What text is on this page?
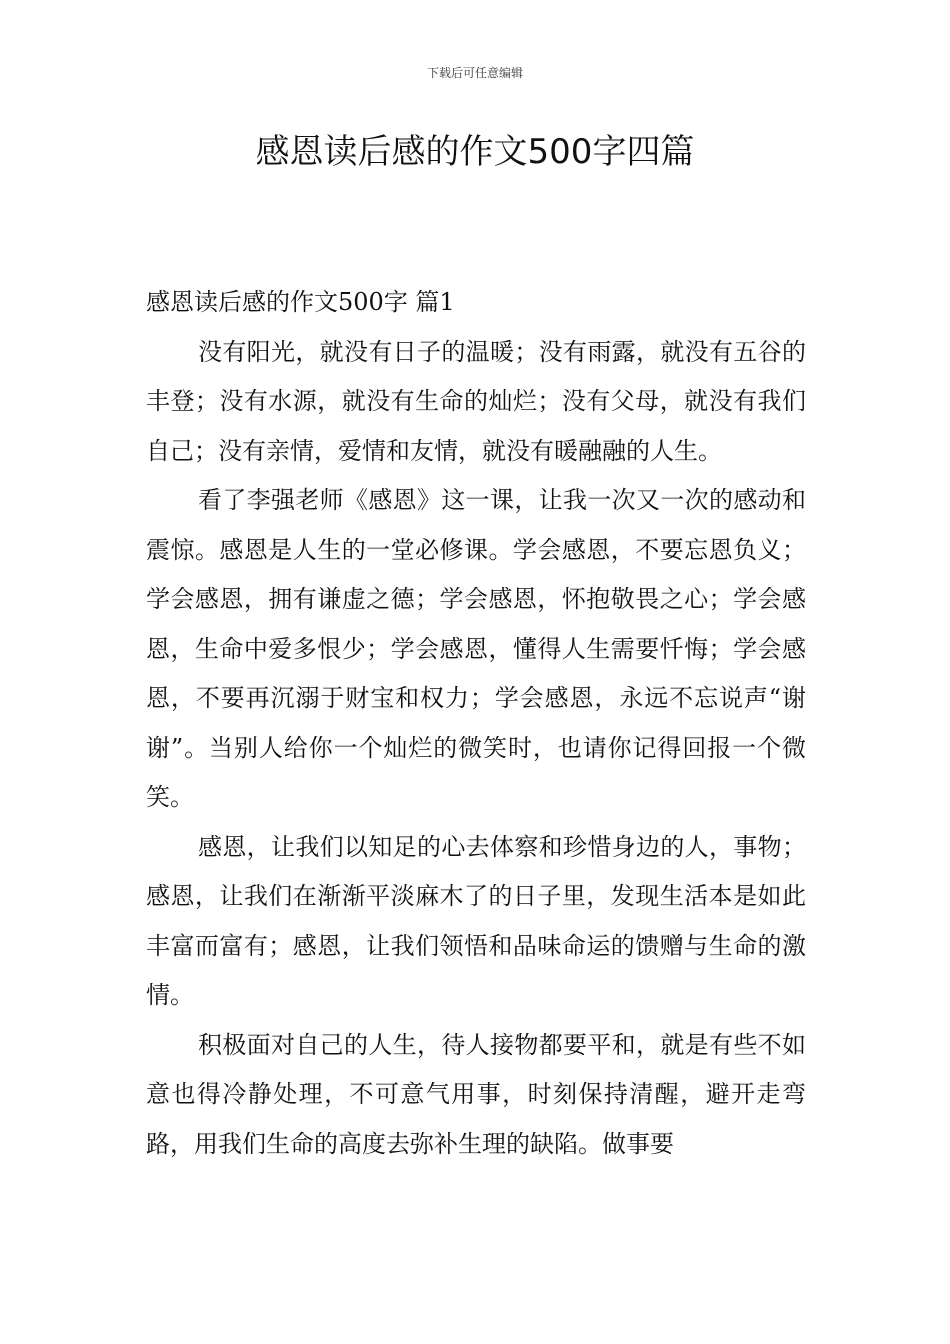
下载后可任意编辑
感恩读后感的作文500字四篇
感恩读后感的作文500字 篇1

没有阳光，就没有日子的温暖；没有雨露，就没有五谷的丰登；没有水源，就没有生命的灿烂；没有父母，就没有我们自己；没有亲情，爱情和友情，就没有暖融融的人生。

看了李强老师《感恩》这一课，让我一次又一次的感动和震惊。感恩是人生的一堂必修课。学会感恩，不要忘恩负义；学会感恩，拥有谦虚之德；学会感恩，怀抱敬畏之心；学会感恩，生命中爱多恨少；学会感恩，懂得人生需要忏悔；学会感恩，不要再沉溺于财宝和权力；学会感恩，永远不忘说声“谢谢”。当别人给你一个灿烂的微笑时，也请你记得回报一个微笑。

感恩，让我们以知足的心去体察和珍惜身边的人，事物；感恩，让我们在渐渐平淡麻木了的日子里，发现生活本是如此丰富而富有；感恩，让我们领悟和品味命运的馈赠与生命的激情。

积极面对自己的人生，待人接物都要平和，就是有些不如意也得冷静处理，不可意气用事，时刻保持清醒，避开走弯路，用我们生命的高度去弥补生理的缺陷。做事要
